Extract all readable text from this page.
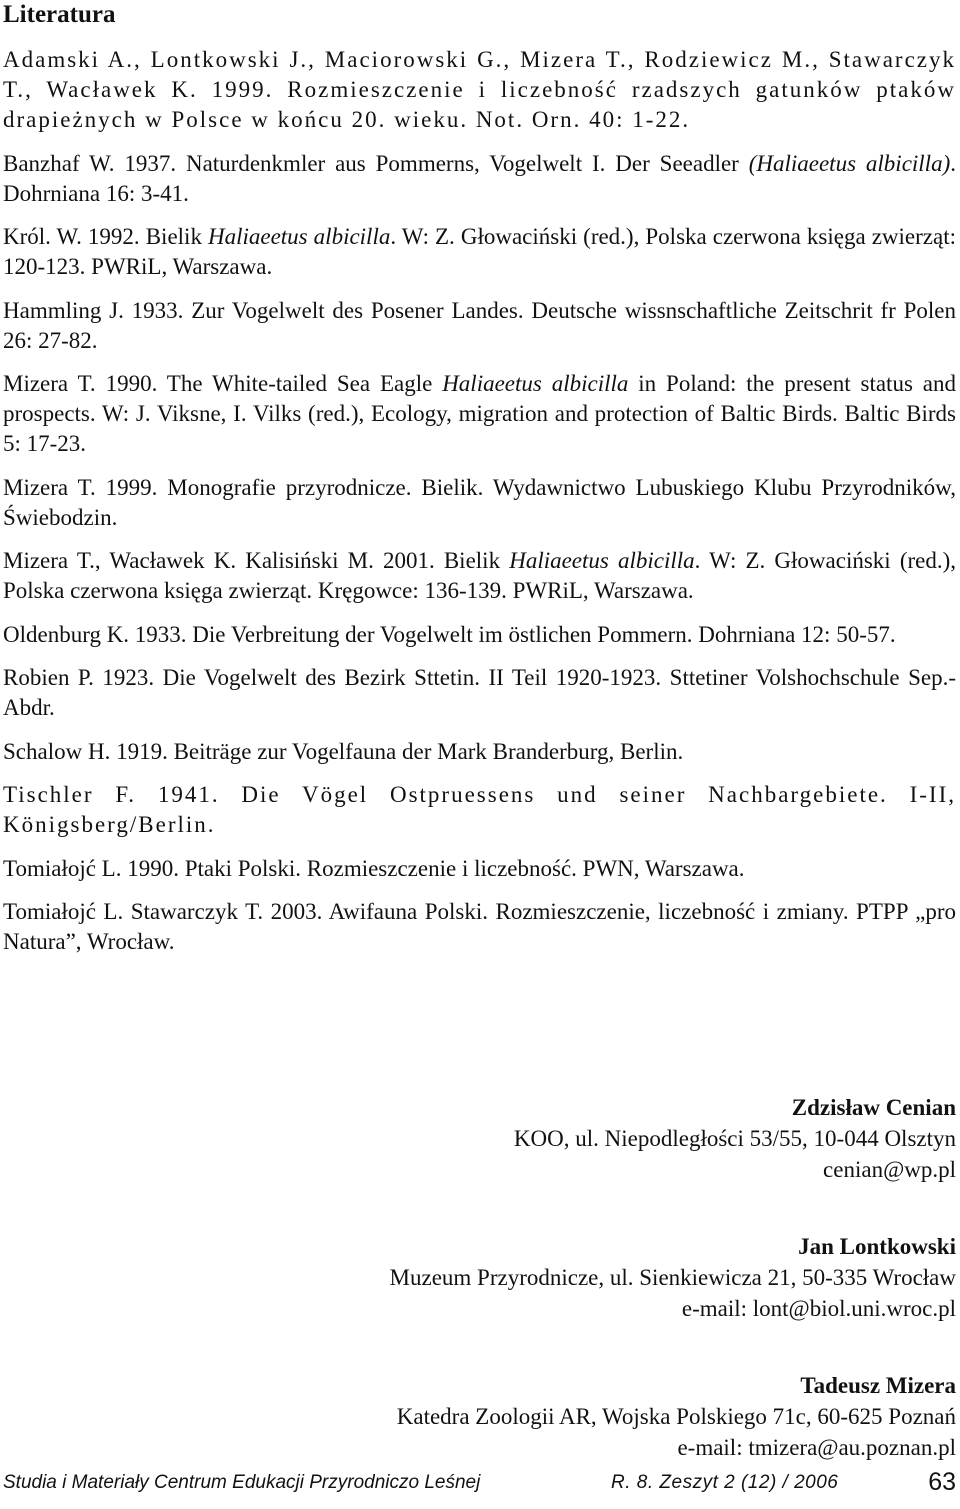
Literatura
Adamski A., Lontkowski J., Maciorowski G., Mizera T., Rodziewicz M., Stawarczyk T., Wacławek K. 1999. Rozmieszczenie i liczebność rzadszych gatunków ptaków drapieżnych w Polsce w końcu 20. wieku. Not. Orn. 40: 1-22.
Banzhaf W. 1937. Naturdenkmler aus Pommerns, Vogelwelt I. Der Seeadler (Haliaeetus albicilla). Dohrniana 16: 3-41.
Król. W. 1992. Bielik Haliaeetus albicilla. W: Z. Głowaciński (red.), Polska czerwona księga zwierząt: 120-123. PWRiL, Warszawa.
Hammling J. 1933. Zur Vogelwelt des Posener Landes. Deutsche wissnschaftliche Zeitschrit fr Polen 26: 27-82.
Mizera T. 1990. The White-tailed Sea Eagle Haliaeetus albicilla in Poland: the present status and prospects. W: J. Viksne, I. Vilks (red.), Ecology, migration and protection of Baltic Birds. Baltic Birds 5: 17-23.
Mizera T. 1999. Monografie przyrodnicze. Bielik. Wydawnictwo Lubuskiego Klubu Przyrodników, Świebodzin.
Mizera T., Wacławek K. Kalisiński M. 2001. Bielik Haliaeetus albicilla. W: Z. Głowaciński (red.), Polska czerwona księga zwierząt. Kręgowce: 136-139. PWRiL, Warszawa.
Oldenburg K. 1933. Die Verbreitung der Vogelwelt im östlichen Pommern. Dohrniana 12: 50-57.
Robien P. 1923. Die Vogelwelt des Bezirk Sttetin. II Teil 1920-1923. Sttetiner Volshochschule Sep.-Abdr.
Schalow H. 1919. Beiträge zur Vogelfauna der Mark Branderburg, Berlin.
Tischler F. 1941. Die Vögel Ostpruessens und seiner Nachbargebiete. I-II, Königsberg/Berlin.
Tomiałojć L. 1990. Ptaki Polski. Rozmieszczenie i liczebność. PWN, Warszawa.
Tomiałojć L. Stawarczyk T. 2003. Awifauna Polski. Rozmieszczenie, liczebność i zmiany. PTPP „pro Natura”, Wrocław.
Zdzisław Cenian
KOO, ul. Niepodległości 53/55, 10-044 Olsztyn
cenian@wp.pl
Jan Lontkowski
Muzeum Przyrodnicze, ul. Sienkiewicza 21, 50-335 Wrocław
e-mail: lont@biol.uni.wroc.pl
Tadeusz Mizera
Katedra Zoologii AR, Wojska Polskiego 71c, 60-625 Poznań
e-mail: tmizera@au.poznan.pl
Studia i Materiały Centrum Edukacji Przyrodniczo Leśnej	R. 8. Zeszyt 2 (12) / 2006	63
